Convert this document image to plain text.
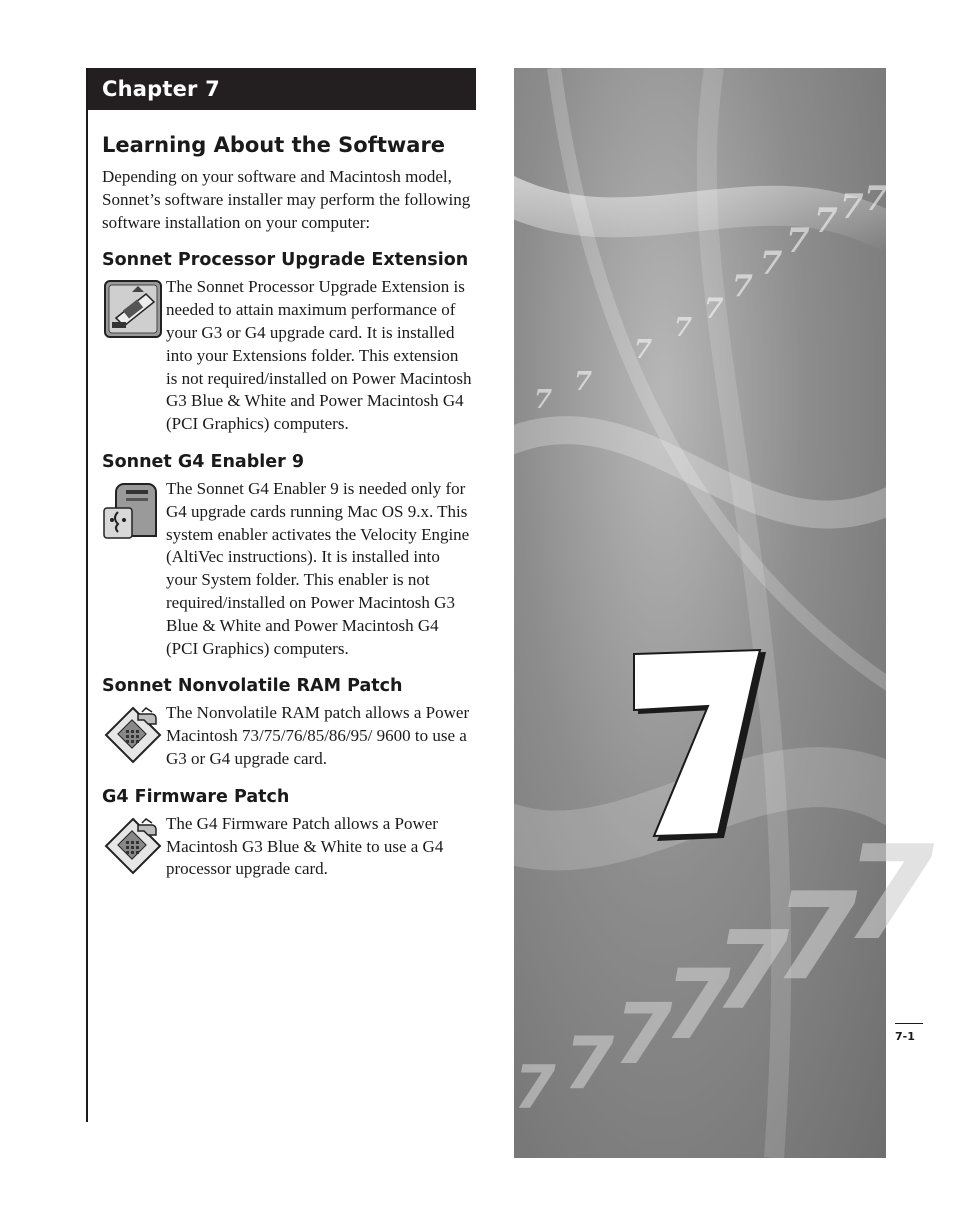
Chapter 7
Learning About the Software

Depending on your software and Macintosh model, Sonnet’s software installer may perform the following software installation on your computer:

Sonnet Processor Upgrade Extension

The Sonnet Processor Upgrade Extension is needed to attain maximum performance of your G3 or G4 upgrade card. It is installed into your Extensions folder. This extension is not required/installed on Power Macintosh G3 Blue & White and Power Macintosh G4 (PCI Graphics) computers.

Sonnet G4 Enabler 9

The Sonnet G4 Enabler 9 is needed only for G4 upgrade cards running Mac OS 9.x. This system enabler activates the Velocity Engine (AltiVec instructions). It is installed into your System folder. This enabler is not required/installed on Power Macintosh G3 Blue & White and Power Macintosh G4 (PCI Graphics) computers.

Sonnet Nonvolatile RAM Patch

The Nonvolatile RAM patch allows a Power Macintosh 73/75/76/85/86/95/ 9600 to use a G3 or G4 upgrade card.

G4 Firmware Patch

The G4 Firmware Patch allows a Power Macintosh G3 Blue & White to use a G4 processor upgrade card.

7
7
7
7
7
7
7
7 7 7 7
7 7 7
7
7
7
7
7-1
